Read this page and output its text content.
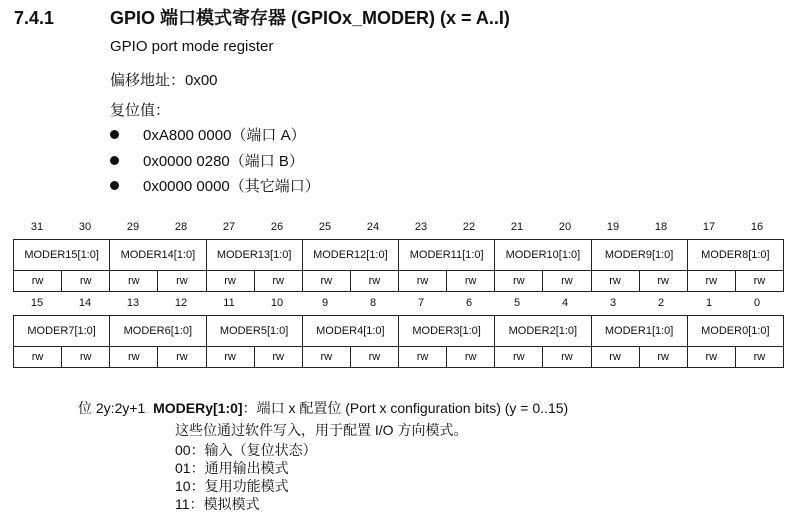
7.4.1	GPIO 端口模式寄存器 (GPIOx_MODER) (x = A..I)
GPIO port mode register
偏移地址：0x00
复位值：
0xA800 0000（端口 A）
0x0000 0280（端口 B）
0x0000 0000（其它端口）
31	30	29	28	27	26	25	24	23	22	21	20	19	18	17	16
MODER15[1:0]		MODER14[1:0]		MODER13[1:0]		MODER12[1:0]		MODER11[1:0]		MODER10[1:0]		MODER9[1:0]		MODER8[1:0]	
rw	rw	rw	rw	rw	rw	rw	rw	rw	rw	rw	rw	rw	rw	rw	rw
15	14	13	12	11	10	9	8	7	6	5	4	3	2	1	0
MODER7[1:0]		MODER6[1:0]		MODER5[1:0]		MODER4[1:0]		MODER3[1:0]		MODER2[1:0]		MODER1[1:0]		MODER0[1:0]	
rw	rw	rw	rw	rw	rw	rw	rw	rw	rw	rw	rw	rw	rw	rw	rw
位 2y:2y+1 MODERy[1:0]：端口 x 配置位 (Port x configuration bits) (y = 0..15)
这些位通过软件写入，用于配置 I/O 方向模式。
00：输入（复位状态）
01：通用输出模式
10：复用功能模式
11：模拟模式
